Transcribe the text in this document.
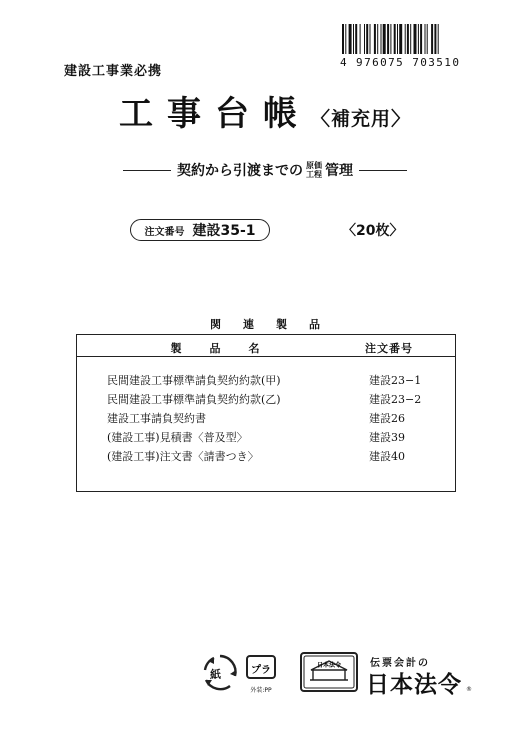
4 976075 703510
建設工事業必携
工事台帳〈補充用〉
契約から引渡までの 原価
工程 管理
注文番号 建設35-1	〈20枚〉
関連製品
製品名	注文番号
民間建設工事標準請負契約約款(甲)	建設23−1
民間建設工事標準請負契約約款(乙)	建設23−2
建設工事請負契約書	建設26
(建設工事)見積書〈普及型〉	建設39
(建設工事)注文書〈請書つき〉	建設40
紙	プラ
外装:PP
日本法令	伝票会計の
日本法令 ®
